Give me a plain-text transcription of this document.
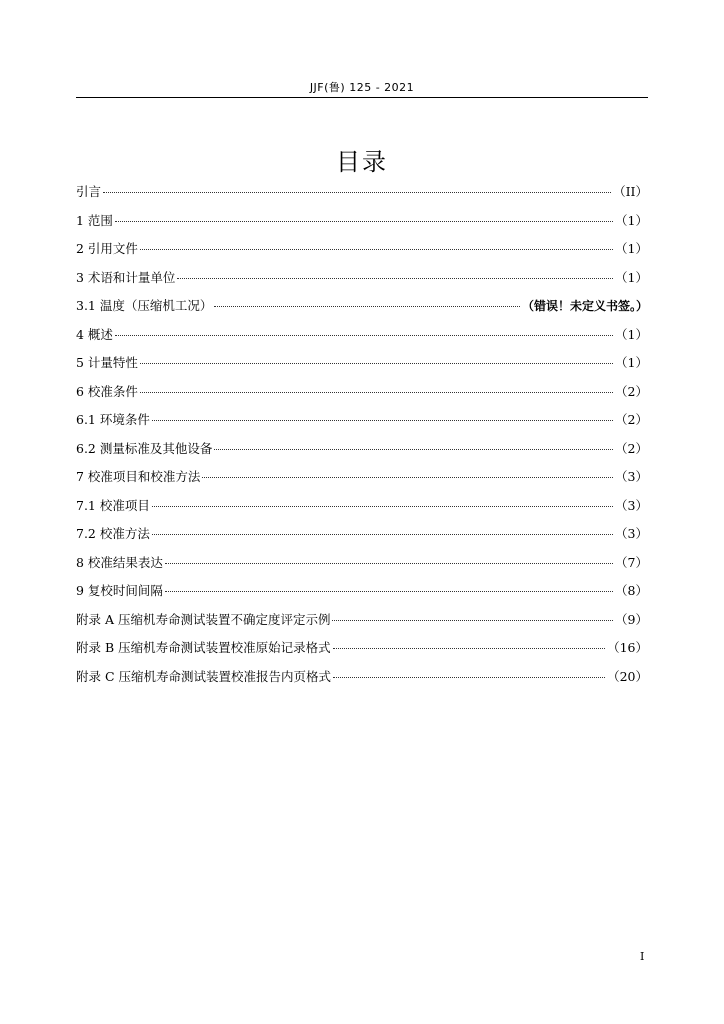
JJF(鲁) 125 - 2021
目录
引言	（II）
1 范围	（1）
2 引用文件	（1）
3 术语和计量单位	（1）
3.1 温度（压缩机工况）	（错误！未定义书签。）
4 概述	（1）
5 计量特性	（1）
6 校准条件	（2）
6.1 环境条件	（2）
6.2 测量标准及其他设备	（2）
7 校准项目和校准方法	（3）
7.1 校准项目	（3）
7.2 校准方法	（3）
8 校准结果表达	（7）
9 复校时间间隔	（8）
附录 A 压缩机寿命测试装置不确定度评定示例	（9）
附录 B 压缩机寿命测试装置校准原始记录格式	（16）
附录 C 压缩机寿命测试装置校准报告内页格式	（20）
I
